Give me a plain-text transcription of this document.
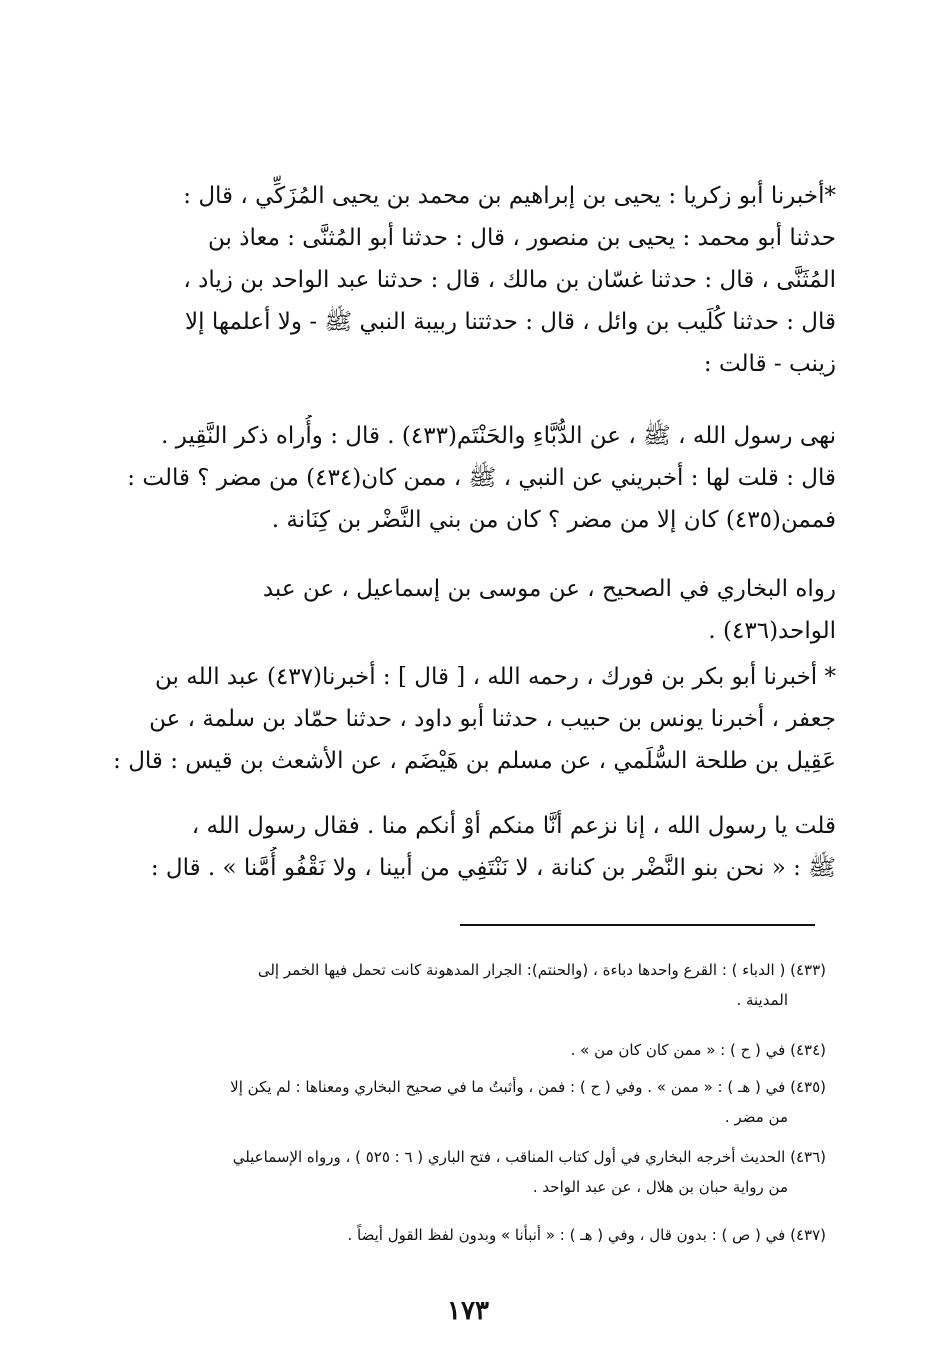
*أخبرنا أبو زكريا : يحيى بن إبراهيم بن محمد بن يحيى المُزَكِّي ، قال :
حدثنا أبو محمد : يحيى بن منصور ، قال : حدثنا أبو المُثنَّى : معاذ بن
المُثَنَّى ، قال : حدثنا غسّان بن مالك ، قال : حدثنا عبد الواحد بن زياد ،
قال : حدثنا كُلَيب بن وائل ، قال : حدثتنا ربيبة النبي ﷺ - ولا أعلمها إلا
زينب - قالت :
نهى رسول الله ، ﷺ ، عن الدُّبَّاءِ والحَنْتَم(٤٣٣) . قال : وأُراه ذكر النَّقِير .
قال : قلت لها : أخبريني عن النبي ، ﷺ ، ممن كان(٤٣٤) من مضر ؟ قالت :
فممن(٤٣٥) كان إلا من مضر ؟ كان من بني النَّضْر بن كِنَانة .
رواه البخاري في الصحيح ، عن موسى بن إسماعيل ، عن عبد
الواحد(٤٣٦) .
* أخبرنا أبو بكر بن فورك ، رحمه الله ، [ قال ] : أخبرنا(٤٣٧) عبد الله بن
جعفر ، أخبرنا يونس بن حبيب ، حدثنا أبو داود ، حدثنا حمّاد بن سلمة ، عن
عَقِيل بن طلحة السُّلَمي ، عن مسلم بن هَيْضَم ، عن الأشعث بن قيس : قال :
قلت يا رسول الله ، إنا نزعم أنَّا منكم أوْ أنكم منا . فقال رسول الله ،
ﷺ : « نحن بنو النَّضْر بن كنانة ، لا نَنْتَفِي من أبينا ، ولا نَقْفُو أُمَّنا » . قال :
(٤٣٣) ( الدباء ) : القرع واحدها دباءة ، (والحنتم): الجرار المدهونة كانت تحمل فيها الخمر إلى
المدينة .
(٤٣٤) في ( ح ) : « ممن كان كان من » .
(٤٣٥) في ( هـ ) : « ممن » . وفي ( ح ) : فمن ، وأثبتُ ما في صحيح البخاري ومعناها : لم يكن إلا
من مضر .
(٤٣٦) الحديث أخرجه البخاري في أول كتاب المناقب ، فتح الباري ( ٦ : ٥٢٥ ) ، ورواه الإسماعيلي
من رواية حبان بن هلال ، عن عبد الواحد .
(٤٣٧) في ( ص ) : بدون قال ، وفي ( هـ ) : « أنبأنا » وبدون لفظ القول أيضاً .
١٧٣
